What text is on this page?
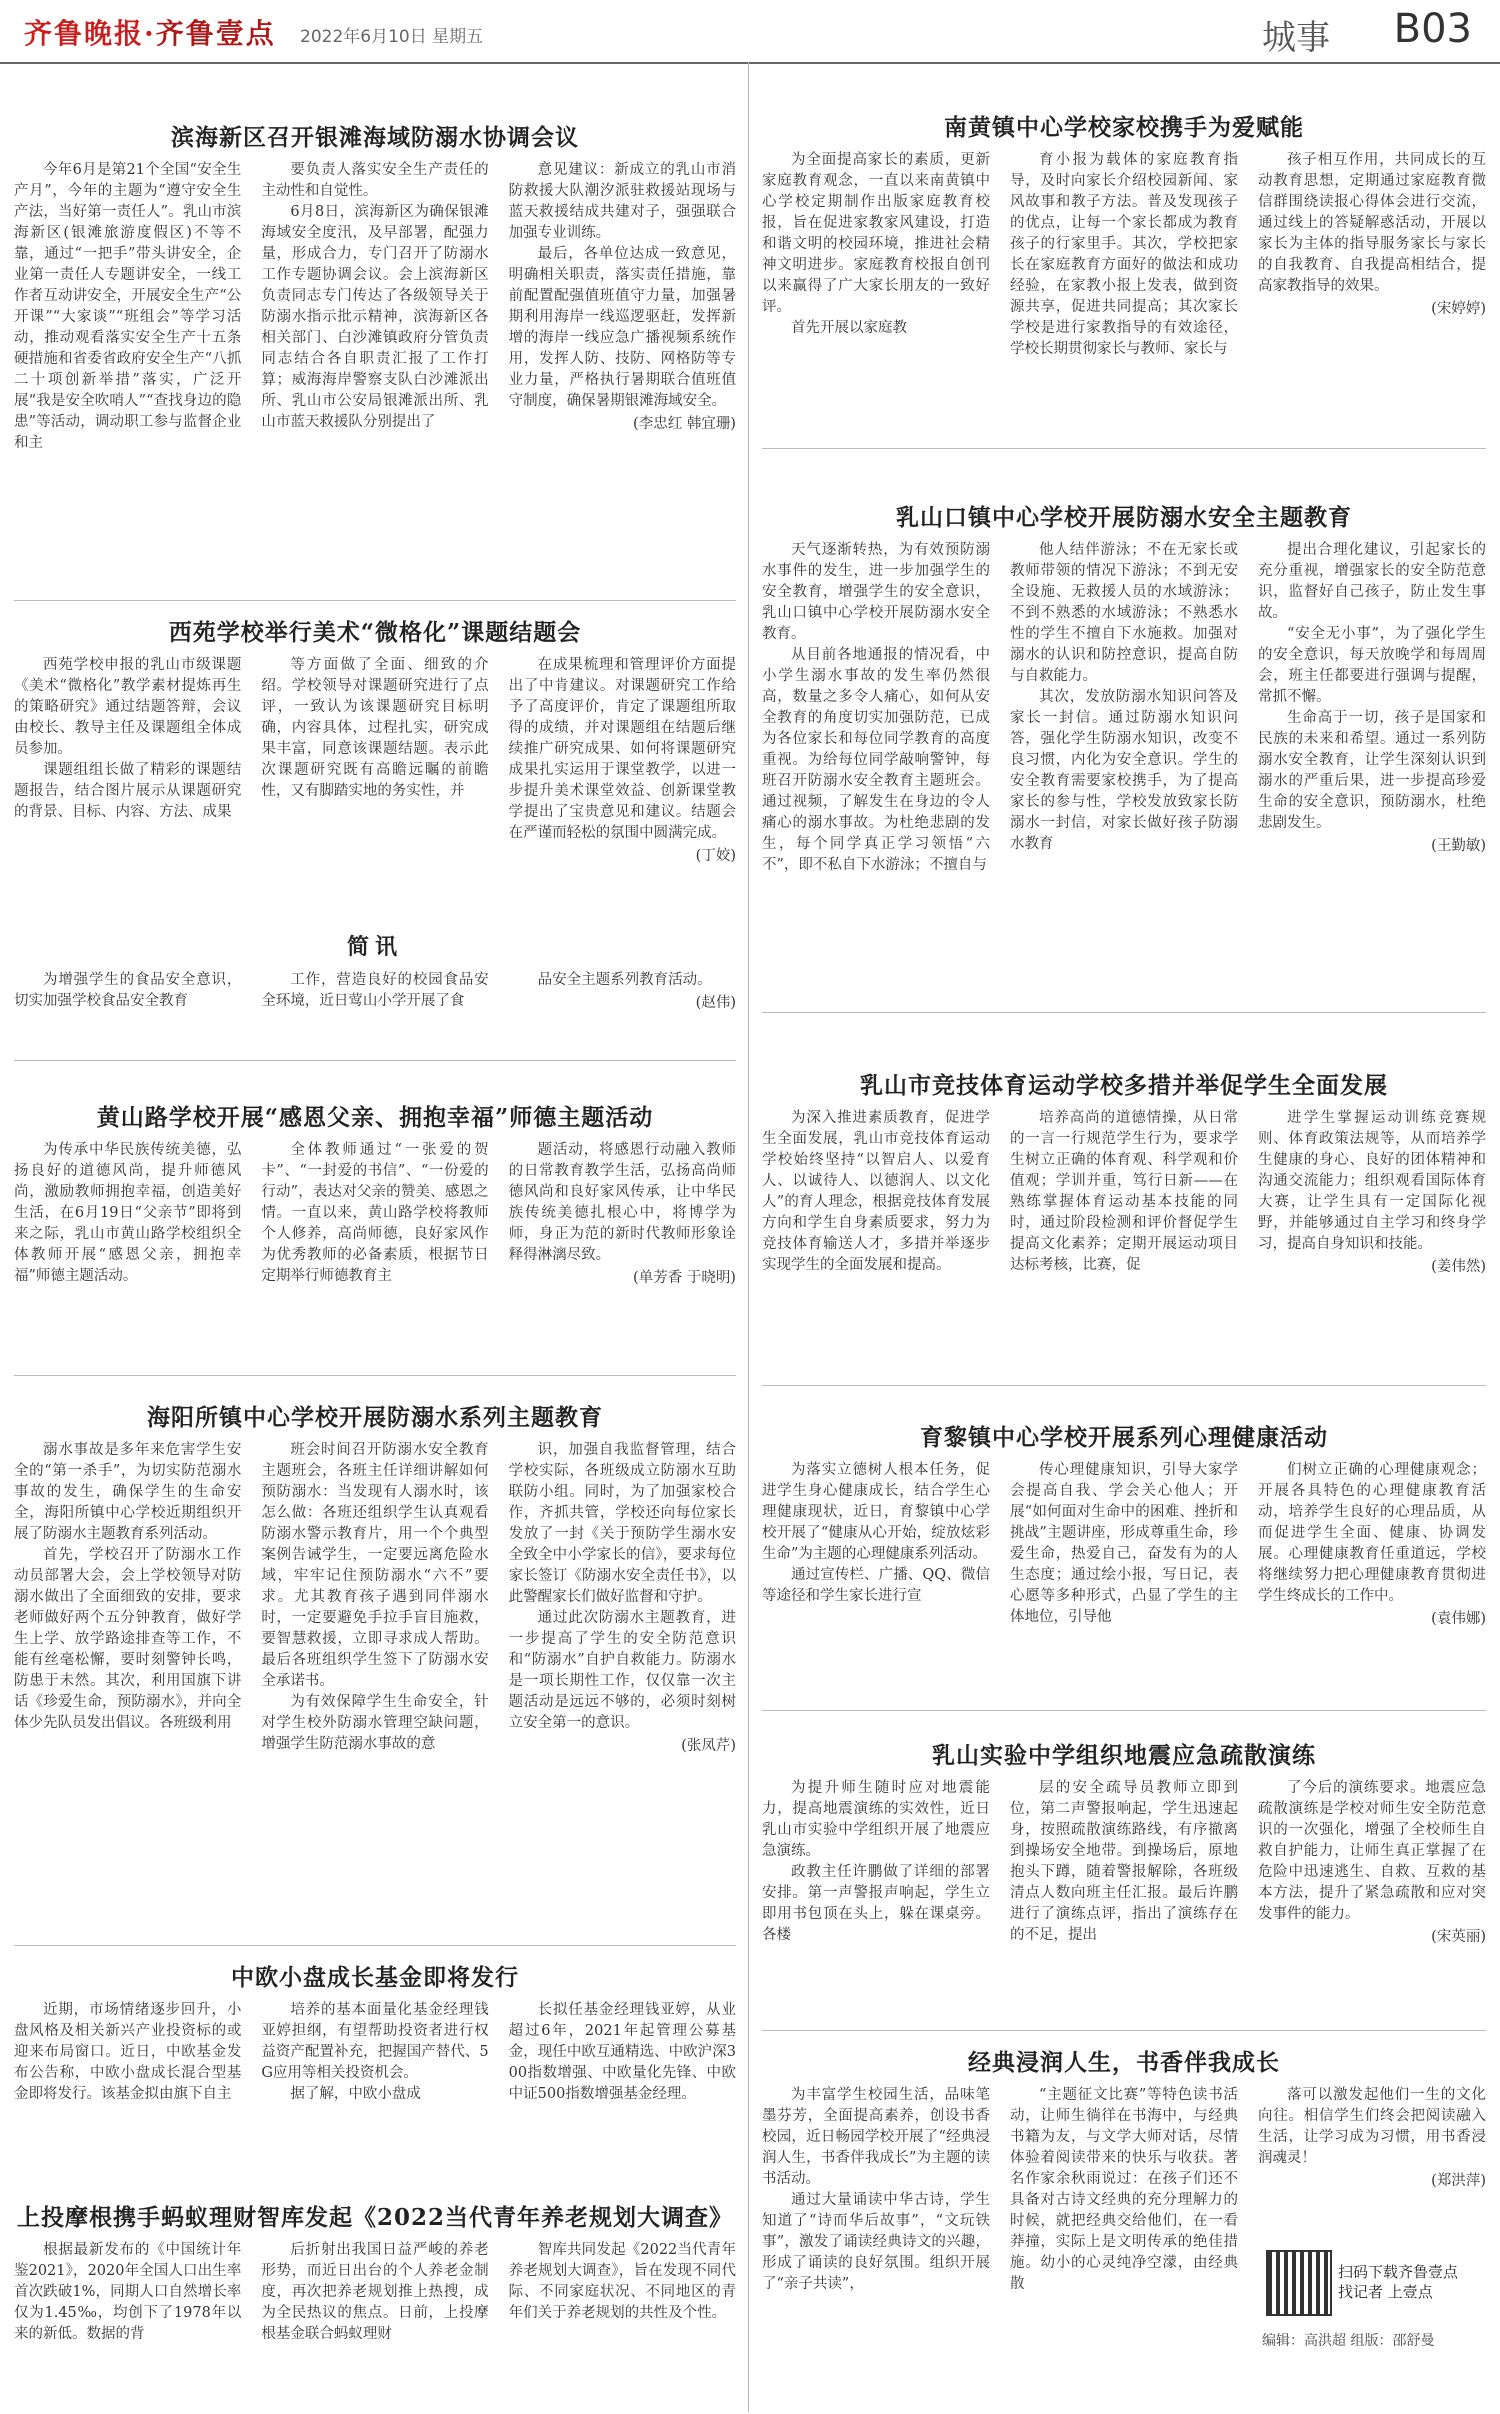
齐鲁晚报·齐鲁壹点 2022年6月10日 星期五	城事 B03
滨海新区召开银滩海域防溺水协调会议

今年6月是第21个全国“安全生产月”，今年的主题为“遵守安全生产法，当好第一责任人”。乳山市滨海新区(银滩旅游度假区)不等不靠，通过“一把手”带头讲安全，企业第一责任人专题讲安全，一线工作者互动讲安全，开展安全生产“公开课”“大家谈”“班组会”等学习活动，推动观看落实安全生产十五条硬措施和省委省政府安全生产“八抓二十项创新举措”落实，广泛开展“我是安全吹哨人”“查找身边的隐患”等活动，调动职工参与监督企业和主

要负责人落实安全生产责任的主动性和自觉性。

6月8日，滨海新区为确保银滩海域安全度汛，及早部署，配强力量，形成合力，专门召开了防溺水工作专题协调会议。会上滨海新区负责同志专门传达了各级领导关于防溺水指示批示精神，滨海新区各相关部门、白沙滩镇政府分管负责同志结合各自职责汇报了工作打算；威海海岸警察支队白沙滩派出所、乳山市公安局银滩派出所、乳山市蓝天救援队分别提出了

意见建议：新成立的乳山市消防救援大队潮汐派驻救援站现场与蓝天救援结成共建对子，强强联合加强专业训练。

最后，各单位达成一致意见，明确相关职责，落实责任措施，靠前配置配强值班值守力量，加强暑期利用海岸一线巡逻驱赶，发挥新增的海岸一线应急广播视频系统作用，发挥人防、技防、网格防等专业力量，严格执行暑期联合值班值守制度，确保暑期银滩海域安全。

(李忠红 韩宜珊)
西苑学校举行美术“微格化”课题结题会

西苑学校申报的乳山市级课题《美术“微格化”教学素材提炼再生的策略研究》通过结题答辩，会议由校长、教导主任及课题组全体成员参加。

课题组组长做了精彩的课题结题报告，结合图片展示从课题研究的背景、目标、内容、方法、成果

等方面做了全面、细致的介绍。学校领导对课题研究进行了点评，一致认为该课题研究目标明确，内容具体，过程扎实，研究成果丰富，同意该课题结题。表示此次课题研究既有高瞻远瞩的前瞻性，又有脚踏实地的务实性，并

在成果梳理和管理评价方面提出了中肯建议。对课题研究工作给予了高度评价，肯定了课题组所取得的成绩，并对课题组在结题后继续推广研究成果、如何将课题研究成果扎实运用于课堂教学，以进一步提升美术课堂效益、创新课堂教学提出了宝贵意见和建议。结题会在严谨而轻松的氛围中圆满完成。

(丁姣)
简讯

为增强学生的食品安全意识，切实加强学校食品安全教育

工作，营造良好的校园食品安全环境，近日莺山小学开展了食

品安全主题系列教育活动。

(赵伟)
黄山路学校开展“感恩父亲、拥抱幸福”师德主题活动

为传承中华民族传统美德，弘扬良好的道德风尚，提升师德风尚，激励教师拥抱幸福，创造美好生活，在6月19日“父亲节”即将到来之际，乳山市黄山路学校组织全体教师开展“感恩父亲，拥抱幸福”师德主题活动。

全体教师通过“一张爱的贺卡”、“一封爱的书信”、“一份爱的行动”，表达对父亲的赞美、感恩之情。一直以来，黄山路学校将教师个人修养，高尚师德，良好家风作为优秀教师的必备素质，根据节日定期举行师德教育主

题活动，将感恩行动融入教师的日常教育教学生活，弘扬高尚师德风尚和良好家风传承，让中华民族传统美德扎根心中，将博学为师，身正为范的新时代教师形象诠释得淋漓尽致。

(单芳香 于晓明)
海阳所镇中心学校开展防溺水系列主题教育

溺水事故是多年来危害学生安全的“第一杀手”，为切实防范溺水事故的发生，确保学生的生命安全，海阳所镇中心学校近期组织开展了防溺水主题教育系列活动。

首先，学校召开了防溺水工作动员部署大会，会上学校领导对防溺水做出了全面细致的安排，要求老师做好两个五分钟教育，做好学生上学、放学路途排查等工作，不能有丝毫松懈，要时刻警钟长鸣，防患于未然。其次，利用国旗下讲话《珍爱生命，预防溺水》，并向全体少先队员发出倡议。各班级利用

班会时间召开防溺水安全教育主题班会，各班主任详细讲解如何预防溺水：当发现有人溺水时，该怎么做：各班还组织学生认真观看防溺水警示教育片，用一个个典型案例告诫学生，一定要远离危险水域，牢牢记住预防溺水“六不”要求。尤其教育孩子遇到同伴溺水时，一定要避免手拉手盲目施救，要智慧救援，立即寻求成人帮助。最后各班组织学生签下了防溺水安全承诺书。

为有效保障学生生命安全，针对学生校外防溺水管理空缺问题，增强学生防范溺水事故的意

识，加强自我监督管理，结合学校实际，各班级成立防溺水互助联防小组。同时，为了加强家校合作，齐抓共管，学校还向每位家长发放了一封《关于预防学生溺水安全致全中小学家长的信》，要求每位家长签订《防溺水安全责任书》，以此警醒家长们做好监督和守护。

通过此次防溺水主题教育，进一步提高了学生的安全防范意识和“防溺水”自护自救能力。防溺水是一项长期性工作，仅仅靠一次主题活动是远远不够的，必须时刻树立安全第一的意识。

(张凤芹)
中欧小盘成长基金即将发行

近期，市场情绪逐步回升，小盘风格及相关新兴产业投资标的或迎来布局窗口。近日，中欧基金发布公告称，中欧小盘成长混合型基金即将发行。该基金拟由旗下自主

培养的基本面量化基金经理钱亚婷担纲，有望帮助投资者进行权益资产配置补充，把握国产替代、5G应用等相关投资机会。

据了解，中欧小盘成

长拟任基金经理钱亚婷，从业超过6年，2021年起管理公募基金，现任中欧互通精选、中欧沪深300指数增强、中欧量化先锋、中欧中证500指数增强基金经理。

上投摩根携手蚂蚁理财智库发起《2022当代青年养老规划大调查》

根据最新发布的《中国统计年鉴2021》，2020年全国人口出生率首次跌破1%，同期人口自然增长率仅为1.45‰，均创下了1978年以来的新低。数据的背

后折射出我国日益严峻的养老形势，而近日出台的个人养老金制度，再次把养老规划推上热搜，成为全民热议的焦点。日前，上投摩根基金联合蚂蚁理财

智库共同发起《2022当代青年养老规划大调查》，旨在发现不同代际、不同家庭状况、不同地区的青年们关于养老规划的共性及个性。

南黄镇中心学校家校携手为爱赋能

为全面提高家长的素质，更新家庭教育观念，一直以来南黄镇中心学校定期制作出版家庭教育校报，旨在促进家教家风建设，打造和谐文明的校园环境，推进社会精神文明进步。家庭教育校报自创刊以来赢得了广大家长朋友的一致好评。

首先开展以家庭教

育小报为载体的家庭教育指导，及时向家长介绍校园新闻、家风故事和教子方法。普及发现孩子的优点，让每一个家长都成为教育孩子的行家里手。其次，学校把家长在家庭教育方面好的做法和成功经验，在家教小报上发表，做到资源共享，促进共同提高；其次家长学校是进行家教指导的有效途径，学校长期贯彻家长与教师、家长与

孩子相互作用，共同成长的互动教育思想，定期通过家庭教育微信群围绕读报心得体会进行交流，通过线上的答疑解惑活动，开展以家长为主体的指导服务家长与家长的自我教育、自我提高相结合，提高家教指导的效果。

(宋婷婷)
乳山口镇中心学校开展防溺水安全主题教育

天气逐渐转热，为有效预防溺水事件的发生，进一步加强学生的安全教育，增强学生的安全意识，乳山口镇中心学校开展防溺水安全教育。

从目前各地通报的情况看，中小学生溺水事故的发生率仍然很高，数量之多令人痛心，如何从安全教育的角度切实加强防范，已成为各位家长和每位同学教育的高度重视。为给每位同学敲响警钟，每班召开防溺水安全教育主题班会。通过视频，了解发生在身边的令人痛心的溺水事故。为杜绝悲剧的发生，每个同学真正学习领悟“六不”，即不私自下水游泳；不擅自与

他人结伴游泳；不在无家长或教师带领的情况下游泳；不到无安全设施、无救援人员的水域游泳；不到不熟悉的水域游泳；不熟悉水性的学生不擅自下水施救。加强对溺水的认识和防控意识，提高自防与自救能力。

其次，发放防溺水知识问答及家长一封信。通过防溺水知识问答，强化学生防溺水知识，改变不良习惯，内化为安全意识。学生的安全教育需要家校携手，为了提高家长的参与性，学校发放致家长防溺水一封信，对家长做好孩子防溺水教育

提出合理化建议，引起家长的充分重视，增强家长的安全防范意识，监督好自己孩子，防止发生事故。

“安全无小事”，为了强化学生的安全意识，每天放晚学和每周周会，班主任都要进行强调与提醒，常抓不懈。

生命高于一切，孩子是国家和民族的未来和希望。通过一系列防溺水安全教育，让学生深刻认识到溺水的严重后果，进一步提高珍爱生命的安全意识，预防溺水，杜绝悲剧发生。

(王勤敏)
乳山市竞技体育运动学校多措并举促学生全面发展

为深入推进素质教育，促进学生全面发展，乳山市竞技体育运动学校始终坚持“以智启人、以爱育人、以诚待人、以德润人、以文化人”的育人理念，根据竞技体育发展方向和学生自身素质要求，努力为竞技体育输送人才，多措并举逐步实现学生的全面发展和提高。

培养高尚的道德情操，从日常的一言一行规范学生行为，要求学生树立正确的体育观、科学观和价值观；学训并重，笃行日新——在熟练掌握体育运动基本技能的同时，通过阶段检测和评价督促学生提高文化素养；定期开展运动项目达标考核，比赛，促

进学生掌握运动训练竞赛规则、体育政策法规等，从而培养学生健康的身心、良好的团体精神和沟通交流能力；组织观看国际体育大赛，让学生具有一定国际化视野，并能够通过自主学习和终身学习，提高自身知识和技能。

(姜伟然)
育黎镇中心学校开展系列心理健康活动

为落实立德树人根本任务，促进学生身心健康成长，结合学生心理健康现状，近日，育黎镇中心学校开展了“健康从心开始，绽放炫彩生命”为主题的心理健康系列活动。

通过宣传栏、广播、QQ、微信等途径和学生家长进行宣

传心理健康知识，引导大家学会提高自我、学会关心他人；开展“如何面对生命中的困难、挫折和挑战”主题讲座，形成尊重生命，珍爱生命，热爱自己，奋发有为的人生态度；通过绘小报，写日记，表心愿等多种形式，凸显了学生的主体地位，引导他

们树立正确的心理健康观念；开展各具特色的心理健康教育活动，培养学生良好的心理品质，从而促进学生全面、健康、协调发展。心理健康教育任重道远，学校将继续努力把心理健康教育贯彻进学生终成长的工作中。

(袁伟娜)
乳山实验中学组织地震应急疏散演练

为提升师生随时应对地震能力，提高地震演练的实效性，近日乳山市实验中学组织开展了地震应急演练。

政教主任许鹏做了详细的部署安排。第一声警报声响起，学生立即用书包顶在头上，躲在课桌旁。各楼

层的安全疏导员教师立即到位，第二声警报响起，学生迅速起身，按照疏散演练路线，有序撤离到操场安全地带。到操场后，原地抱头下蹲，随着警报解除，各班级清点人数向班主任汇报。最后许鹏进行了演练点评，指出了演练存在的不足，提出

了今后的演练要求。地震应急疏散演练是学校对师生安全防范意识的一次强化，增强了全校师生自救自护能力，让师生真正掌握了在危险中迅速逃生、自救、互救的基本方法，提升了紧急疏散和应对突发事件的能力。

(宋英丽)
经典浸润人生，书香伴我成长

为丰富学生校园生活，品味笔墨芬芳，全面提高素养，创设书香校园，近日畅园学校开展了“经典浸润人生，书香伴我成长”为主题的读书活动。

通过大量诵读中华古诗，学生知道了“诗而华后故事”，“文玩铁事”，激发了诵读经典诗文的兴趣，形成了诵读的良好氛围。组织开展了“亲子共读”，

“主题征文比赛”等特色读书活动，让师生徜徉在书海中，与经典书籍为友，与文学大师对话，尽情体验着阅读带来的快乐与收获。著名作家余秋雨说过：在孩子们还不具备对古诗文经典的充分理解力的时候，就把经典交给他们，在一看莽撞，实际上是文明传承的绝佳措施。幼小的心灵纯净空濛，由经典散

落可以激发起他们一生的文化向往。相信学生们终会把阅读融入生活，让学习成为习惯，用书香浸润魂灵！

(郑洪萍)
扫码下载齐鲁壹点 找记者 上壹点
编辑：高洪超 组版：邵舒曼
